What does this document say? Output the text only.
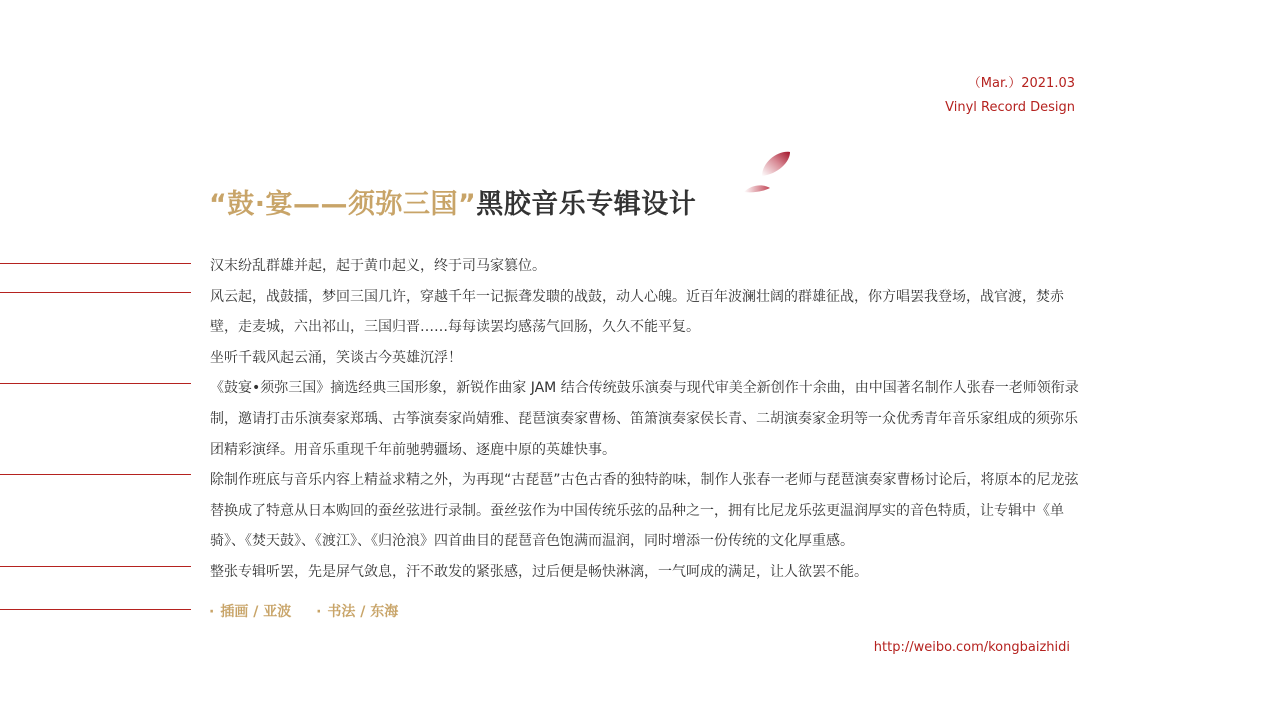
（Mar.）2021.03
Vinyl Record Design
“鼓·宴——须弥三国”黑胶音乐专辑设计

汉末纷乱群雄并起，起于黄巾起义，终于司马家篡位。

风云起，战鼓擂，梦回三国几许，穿越千年一记振聋发聩的战鼓，动人心魄。近百年波澜壮阔的群雄征战，你方唱罢我登场，战官渡，焚赤壁，走麦城，六出祁山，三国归晋……每每读罢均感荡气回肠，久久不能平复。

坐听千载风起云涌，笑谈古今英雄沉浮！

《鼓宴•须弥三国》摘选经典三国形象，新锐作曲家 JAM 结合传统鼓乐演奏与现代审美全新创作十余曲，由中国著名制作人张春一老师领衔录制，邀请打击乐演奏家郑瑀、古筝演奏家尚婧雅、琵琶演奏家曹杨、笛箫演奏家侯长青、二胡演奏家金玥等一众优秀青年音乐家组成的须弥乐团精彩演绎。用音乐重现千年前驰骋疆场、逐鹿中原的英雄快事。

除制作班底与音乐内容上精益求精之外，为再现“古琵琶”古色古香的独特韵味，制作人张春一老师与琵琶演奏家曹杨讨论后，将原本的尼龙弦替换成了特意从日本购回的蚕丝弦进行录制。蚕丝弦作为中国传统乐弦的品种之一，拥有比尼龙乐弦更温润厚实的音色特质，让专辑中《单骑》、《焚天鼓》、《渡江》、《归沧浪》四首曲目的琵琶音色饱满而温润，同时增添一份传统的文化厚重感。

整张专辑听罢，先是屏气敛息，汗不敢发的紧张感，过后便是畅快淋漓，一气呵成的满足，让人欲罢不能。

· 插画 / 亚波 · 书法 / 东海
http://weibo.com/kongbaizhidi
